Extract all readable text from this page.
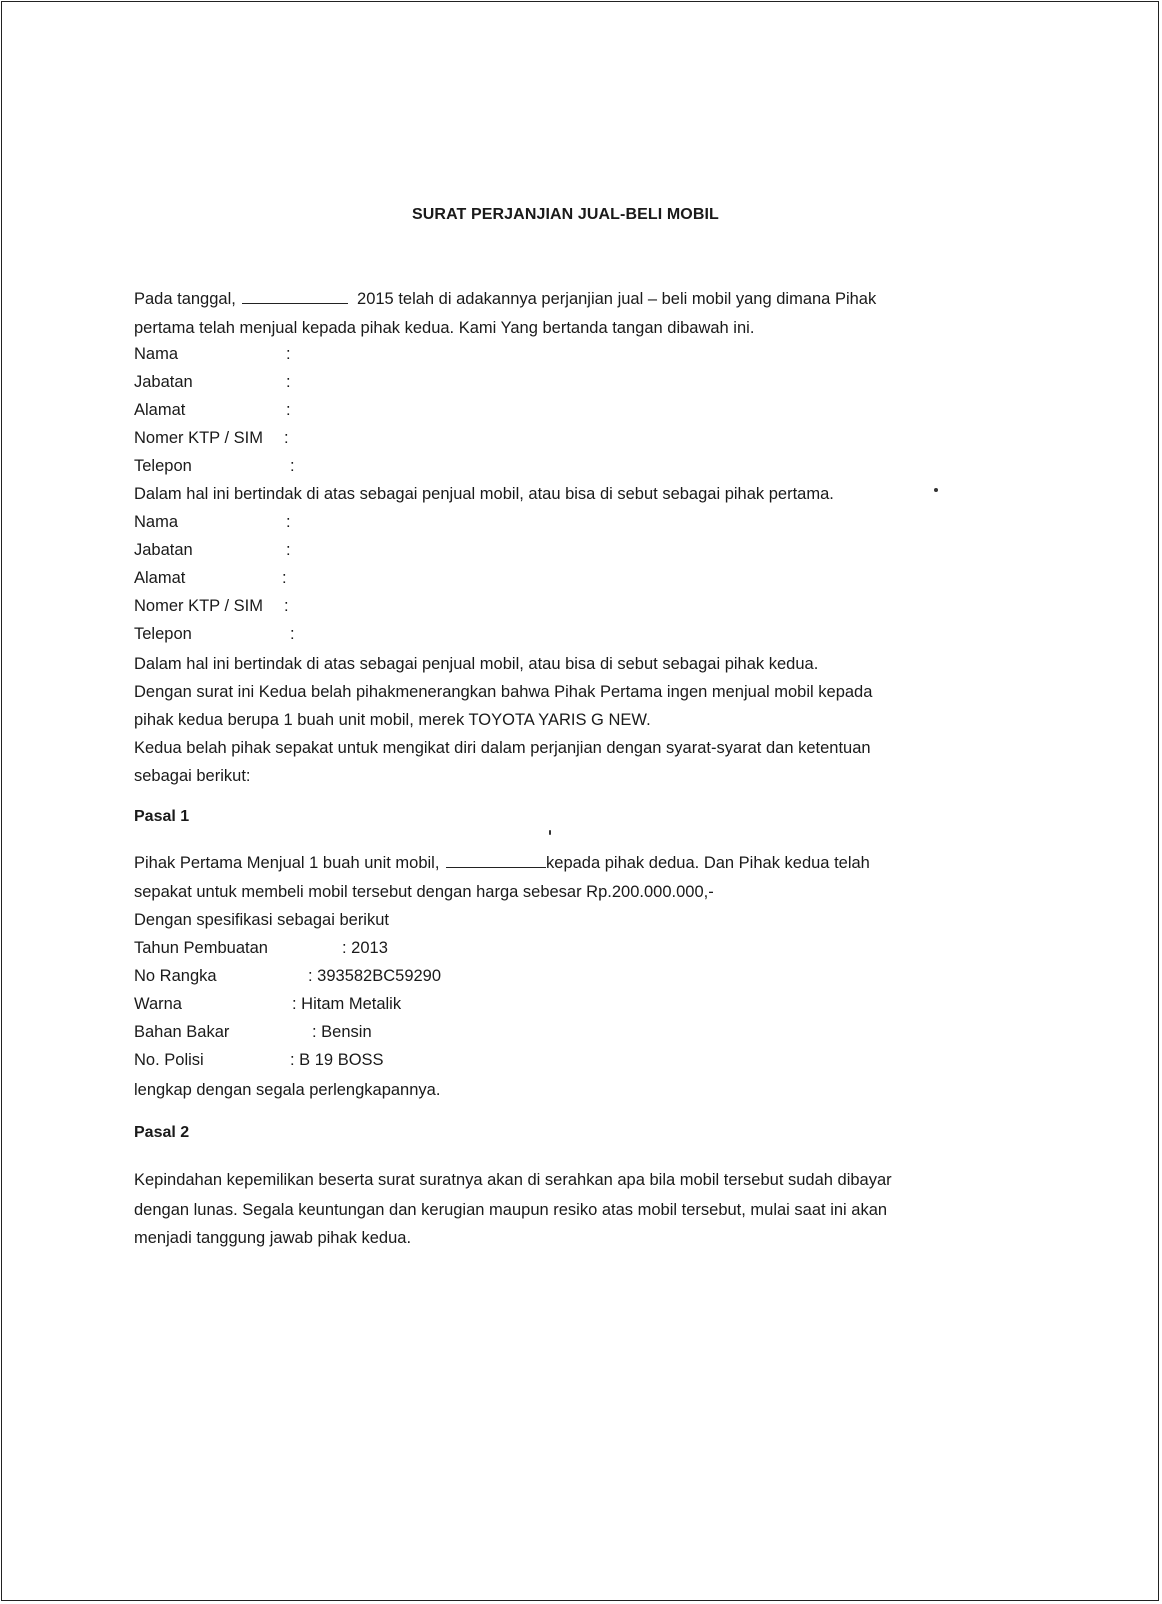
SURAT PERJANJIAN JUAL-BELI MOBIL
Pada tanggal,	2015 telah di adakannya perjanjian jual – beli mobil yang dimana Pihak
pertama telah menjual kepada pihak kedua. Kami Yang bertanda tangan dibawah ini.
Nama	:
Jabatan	:
Alamat	:
Nomer KTP / SIM :
Telepon	:
Dalam hal ini bertindak di atas sebagai penjual mobil, atau bisa di sebut sebagai pihak pertama.
Nama	:
Jabatan	:
Alamat	:
Nomer KTP / SIM :
Telepon	:
Dalam hal ini bertindak di atas sebagai penjual mobil, atau bisa di sebut sebagai pihak kedua.
Dengan surat ini Kedua belah pihakmenerangkan bahwa Pihak Pertama ingen menjual mobil kepada
pihak kedua berupa 1 buah unit mobil, merek TOYOTA YARIS G NEW.
Kedua belah pihak sepakat untuk mengikat diri dalam perjanjian dengan syarat-syarat dan ketentuan
sebagai berikut:
Pasal 1
Pihak Pertama Menjual 1 buah unit mobil,	kepada pihak dedua. Dan Pihak kedua telah
sepakat untuk membeli mobil tersebut dengan harga sebesar Rp.200.000.000,-
Dengan spesifikasi sebagai berikut
Tahun Pembuatan	: 2013
No Rangka	: 393582BC59290
Warna	: Hitam Metalik
Bahan Bakar	: Bensin
No. Polisi	: B 19 BOSS
lengkap dengan segala perlengkapannya.
Pasal 2
Kepindahan kepemilikan beserta surat suratnya akan di serahkan apa bila mobil tersebut sudah dibayar
dengan lunas. Segala keuntungan dan kerugian maupun resiko atas mobil tersebut, mulai saat ini akan
menjadi tanggung jawab pihak kedua.
